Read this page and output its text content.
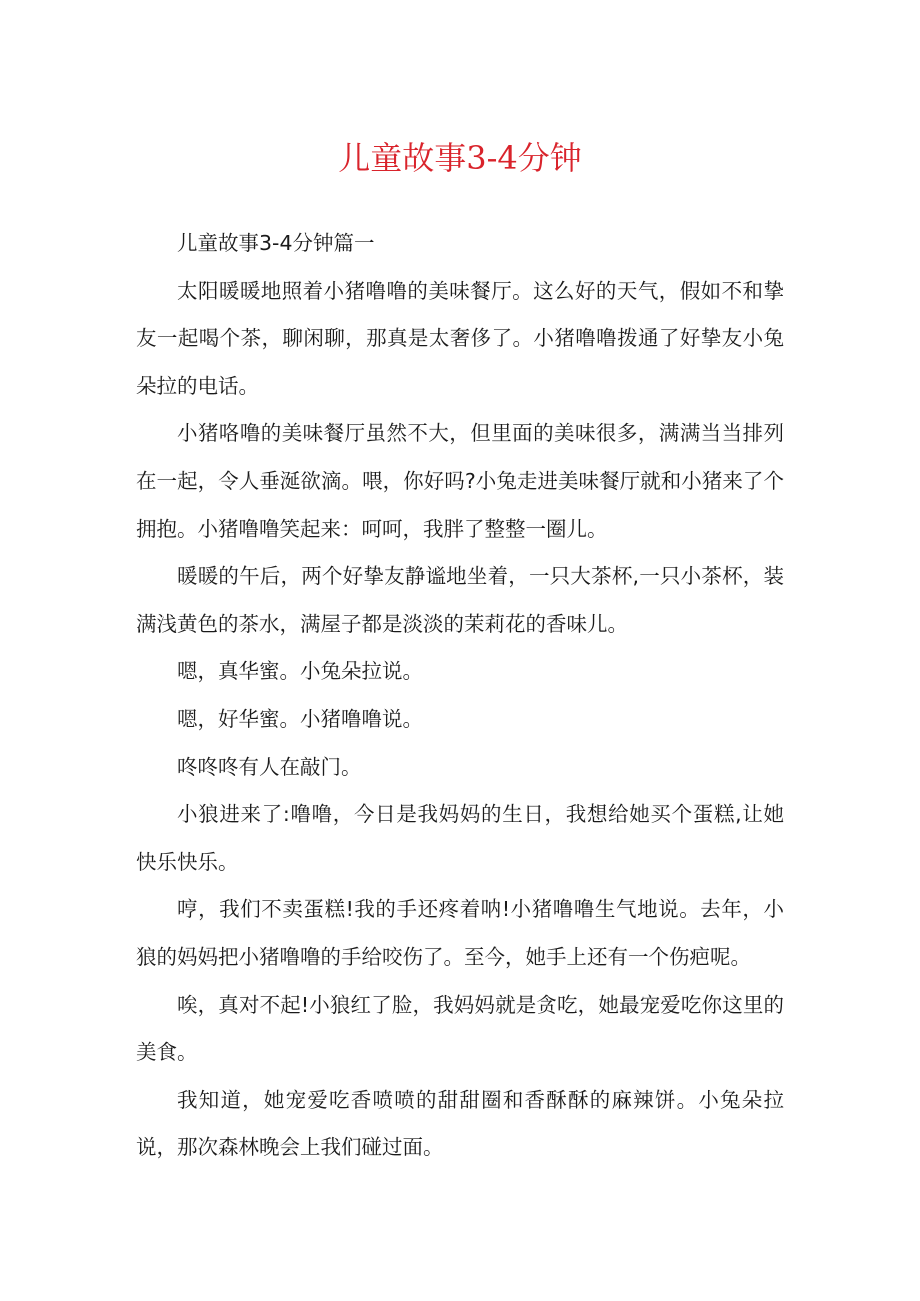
儿童故事3-4分钟

儿童故事3-4分钟篇一

太阳暖暖地照着小猪噜噜的美味餐厅。这么好的天气，假如不和挚友一起喝个茶，聊闲聊，那真是太奢侈了。小猪噜噜拨通了好挚友小兔朵拉的电话。

小猪咯噜的美味餐厅虽然不大，但里面的美味很多，满满当当排列在一起，令人垂涎欲滴。喂，你好吗?小兔走进美味餐厅就和小猪来了个拥抱。小猪噜噜笑起来：呵呵，我胖了整整一圈儿。

暖暖的午后，两个好挚友静谧地坐着，一只大茶杯,一只小茶杯，装满浅黄色的茶水，满屋子都是淡淡的茉莉花的香味儿。

嗯，真华蜜。小兔朵拉说。

嗯，好华蜜。小猪噜噜说。

咚咚咚有人在敲门。

小狼进来了:噜噜，今日是我妈妈的生日，我想给她买个蛋糕,让她快乐快乐。

哼，我们不卖蛋糕!我的手还疼着呐!小猪噜噜生气地说。去年，小狼的妈妈把小猪噜噜的手给咬伤了。至今，她手上还有一个伤疤呢。

唉，真对不起!小狼红了脸，我妈妈就是贪吃，她最宠爱吃你这里的美食。

我知道，她宠爱吃香喷喷的甜甜圈和香酥酥的麻辣饼。小兔朵拉说，那次森林晚会上我们碰过面。
